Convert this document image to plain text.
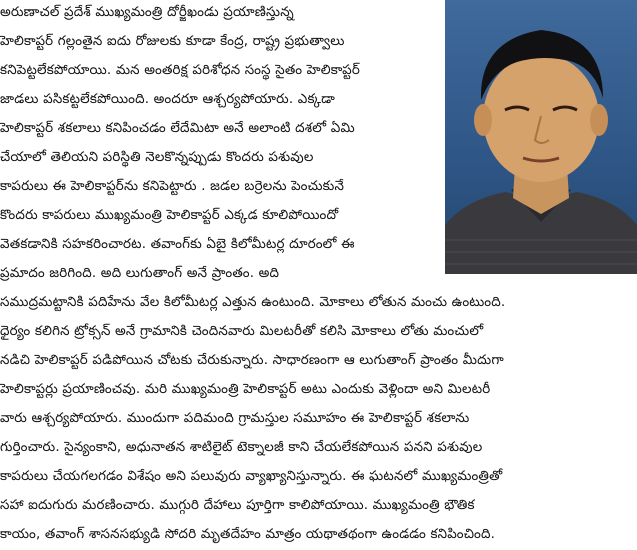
అరుణాచల్ ప్రదేశ్ ముఖ్యమంత్రి దోర్జీఖండు ప్రయాణిస్తున్న
హెలికాప్టర్ గల్లంతైన ఐదు రోజులకు కూడా కేంద్ర, రాష్ట్ర ప్రభుత్వాలు
కనిపెట్టలేకపోయాయి. మన అంతరిక్ష పరిశోధన సంస్థ సైతం హెలికాప్టర్
జాడలు పసికట్టలేకపోయింది. అందరూ ఆశ్చర్యపోయారు. ఎక్కడా
హెలికాప్టర్ శకలాలు కనిపించడం లేదేమిటా అనే అలాంటి దశలో ఏమి
చేయాలో తెలియని పరిస్థితి నెలకొన్నప్పుడు కొందరు పశువుల
కాపరులు ఈ హెలికాప్టర్‌ను కనిపెట్టారు . జడల బర్రెలను పెంచుకునే
కొందరు కాపరులు ముఖ్యమంత్రి హెలికాప్టర్ ఎక్కడ కూలిపోయిందో
వెతకడానికి సహకరించారట. తవాంగ్‌కు ఏబై కిలోమీటర్ల దూరంలో ఈ
ప్రమాదం జరిగింది. అది లుగుతాంగ్ అనే ప్రాంతం. అది
సముద్రమట్టానికి పదిహేను వేల కిలోమీటర్ల ఎత్తున ఉంటుంది. మోకాలు లోతున మంచు ఉంటుంది.
ధైర్యం కలిగిన ట్రోక్సన్ అనే గ్రామానికి చెందినవారు మిలటరీతో కలిసి మోకాలు లోతు మంచులో
నడిచి హెలికాప్టర్ పడిపోయిన చోటకు చేరుకున్నారు. సాధారణంగా ఆ లుగుతాంగ్ ప్రాంతం మీదుగా
హెలికాప్టర్లు ప్రయాణించవు. మరి ముఖ్యమంత్రి హెలికాప్టర్ అటు ఎందుకు వెళ్లిందా అని మిలటరీ
వారు ఆశ్చర్యపోయారు. ముందుగా పదిమంది గ్రామస్తుల సమూహం ఈ హెలికాప్టర్ శకలాను
గుర్తించారు. సైన్యంకాని, అధునాతన శాటిలైట్ టెక్నాలజీ కాని చేయలేకపోయిన పనని పశువుల
కాపరులు చేయగలగడం విశేషం అని పలువురు వ్యాఖ్యానిస్తున్నారు. ఈ ఘటనలో ముఖ్యమంత్రితో
సహా ఐదుగురు మరణించారు. ముగ్గురి దేహాలు పూర్తిగా కాలిపోయాయి. ముఖ్యమంత్రి భౌతిక
కాయం, తవాంగ్ శాసనసభ్యుడి సోదరి మృతదేహం మాత్రం యథాతథంగా ఉండడం కనిపించింది.
